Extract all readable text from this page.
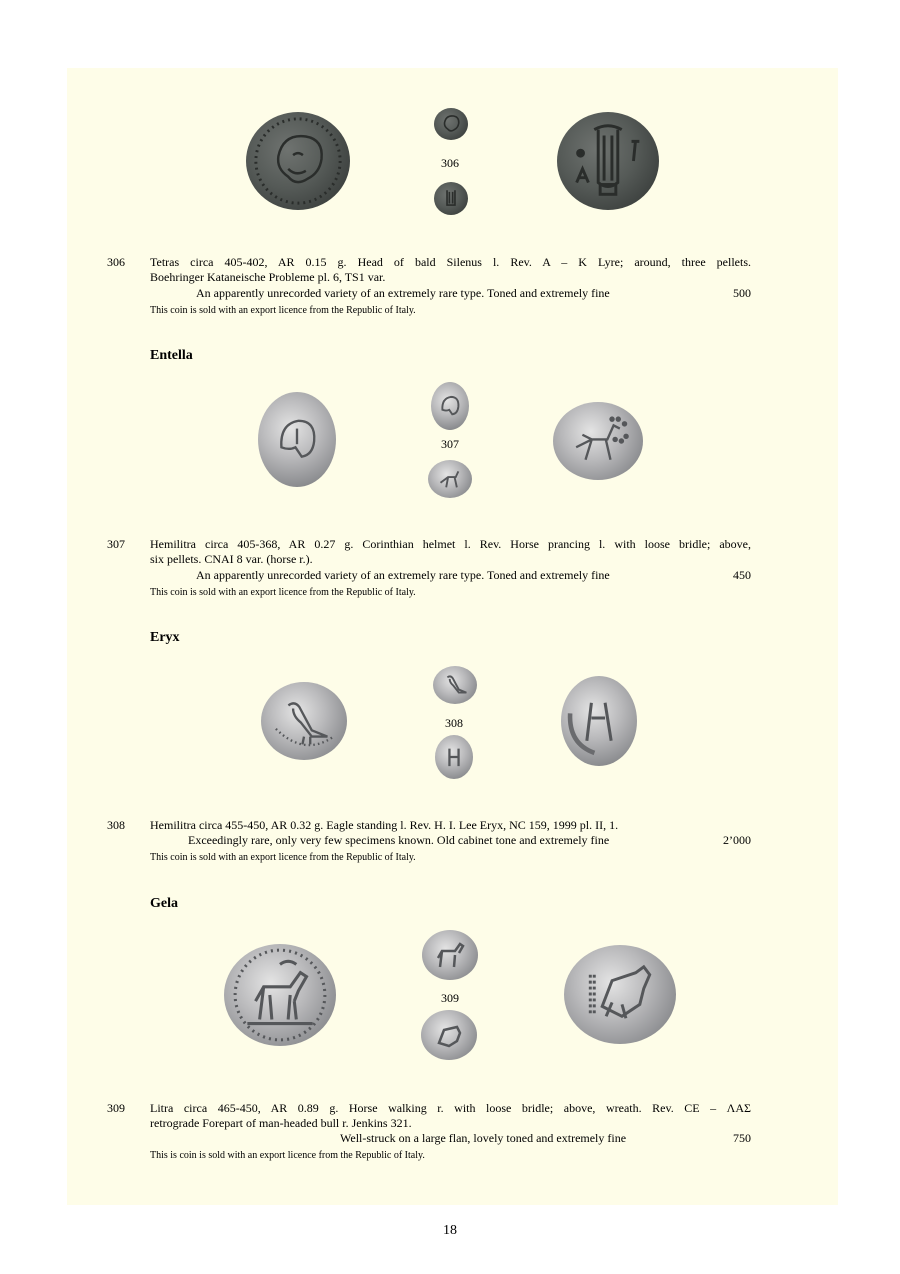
306
306 Tetras circa 405-402, AR 0.15 g. Head of bald Silenus l. Rev. A – K Lyre; around, three pellets.
Boehringer Kataneische Probleme pl. 6, TS1 var.
An apparently unrecorded variety of an extremely rare type. Toned and extremely fine	500
This coin is sold with an export licence from the Republic of Italy.
Entella
307
307 Hemilitra circa 405-368, AR 0.27 g. Corinthian helmet l. Rev. Horse prancing l. with loose bridle; above,
six pellets. CNAI 8 var. (horse r.).
An apparently unrecorded variety of an extremely rare type. Toned and extremely fine	450
This coin is sold with an export licence from the Republic of Italy.
Eryx
308
308 Hemilitra circa 455-450, AR 0.32 g. Eagle standing l. Rev. H. I. Lee Eryx, NC 159, 1999 pl. II, 1.
Exceedingly rare, only very few specimens known. Old cabinet tone and extremely fine	2’000
This coin is sold with an export licence from the Republic of Italy.
Gela
309
309 Litra circa 465-450, AR 0.89 g. Horse walking r. with loose bridle; above, wreath. Rev. CE – ΛΑΣ
retrograde Forepart of man-headed bull r. Jenkins 321.
Well-struck on a large flan, lovely toned and extremely fine	750
This is coin is sold with an export licence from the Republic of Italy.
18
